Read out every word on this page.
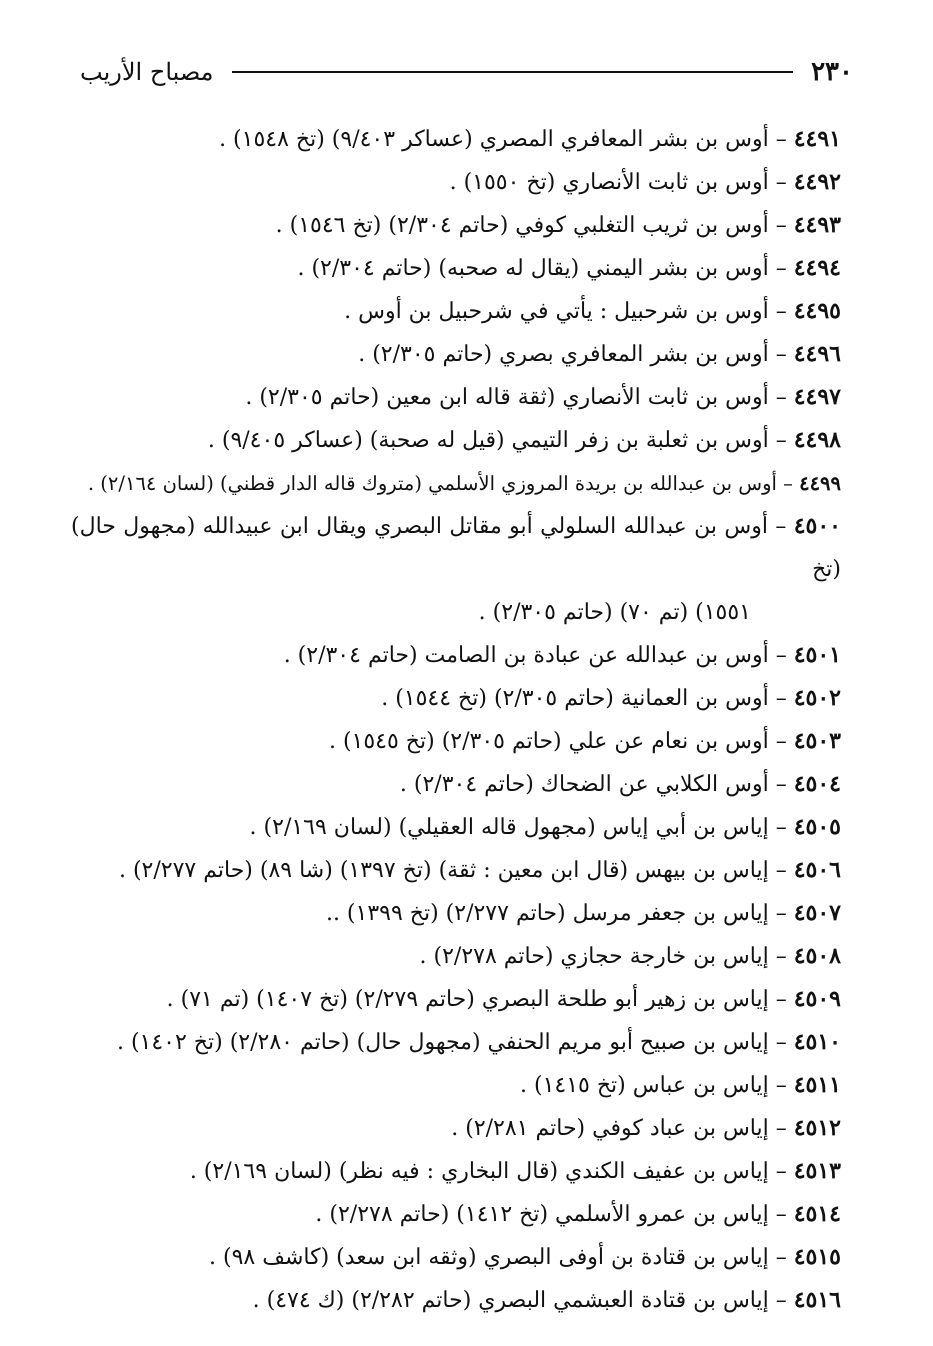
٢٣٠
مصباح الأريب
٤٤٩١ – أوس بن بشر المعافري المصري (عساكر ٩/٤٠٣) (تخ ١٥٤٨) .
٤٤٩٢ – أوس بن ثابت الأنصاري (تخ ١٥٥٠) .
٤٤٩٣ – أوس بن ثريب التغلبي كوفي (حاتم ٢/٣٠٤) (تخ ١٥٤٦) .
٤٤٩٤ – أوس بن بشر اليمني (يقال له صحبه) (حاتم ٢/٣٠٤) .
٤٤٩٥ – أوس بن شرحبيل : يأتي في شرحبيل بن أوس .
٤٤٩٦ – أوس بن بشر المعافري بصري (حاتم ٢/٣٠٥) .
٤٤٩٧ – أوس بن ثابت الأنصاري (ثقة قاله ابن معين (حاتم ٢/٣٠٥) .
٤٤٩٨ – أوس بن ثعلبة بن زفر التيمي (قيل له صحبة) (عساكر ٩/٤٠٥) .
٤٤٩٩ – أوس بن عبدالله بن بريدة المروزي الأسلمي (متروك قاله الدار قطني) (لسان ٢/١٦٤) .
٤٥٠٠ – أوس بن عبدالله السلولي أبو مقاتل البصري ويقال ابن عبيدالله (مجهول حال) (تخ
١٥٥١) (تم ٧٠) (حاتم ٢/٣٠٥) .
٤٥٠١ – أوس بن عبدالله عن عبادة بن الصامت (حاتم ٢/٣٠٤) .
٤٥٠٢ – أوس بن العمانية (حاتم ٢/٣٠٥) (تخ ١٥٤٤) .
٤٥٠٣ – أوس بن نعام عن علي (حاتم ٢/٣٠٥) (تخ ١٥٤٥) .
٤٥٠٤ – أوس الكلابي عن الضحاك (حاتم ٢/٣٠٤) .
٤٥٠٥ – إياس بن أبي إياس (مجهول قاله العقيلي) (لسان ٢/١٦٩) .
٤٥٠٦ – إياس بن بيهس (قال ابن معين : ثقة) (تخ ١٣٩٧) (شا ٨٩) (حاتم ٢/٢٧٧) .
٤٥٠٧ – إياس بن جعفر مرسل (حاتم ٢/٢٧٧) (تخ ١٣٩٩) ..
٤٥٠٨ – إياس بن خارجة حجازي (حاتم ٢/٢٧٨) .
٤٥٠٩ – إياس بن زهير أبو طلحة البصري (حاتم ٢/٢٧٩) (تخ ١٤٠٧) (تم ٧١) .
٤٥١٠ – إياس بن صبيح أبو مريم الحنفي (مجهول حال) (حاتم ٢/٢٨٠) (تخ ١٤٠٢) .
٤٥١١ – إياس بن عباس (تخ ١٤١٥) .
٤٥١٢ – إياس بن عباد كوفي (حاتم ٢/٢٨١) .
٤٥١٣ – إياس بن عفيف الكندي (قال البخاري : فيه نظر) (لسان ٢/١٦٩) .
٤٥١٤ – إياس بن عمرو الأسلمي (تخ ١٤١٢) (حاتم ٢/٢٧٨) .
٤٥١٥ – إياس بن قتادة بن أوفى البصري (وثقه ابن سعد) (كاشف ٩٨) .
٤٥١٦ – إياس بن قتادة العبشمي البصري (حاتم ٢/٢٨٢) (ك ٤٧٤) .
